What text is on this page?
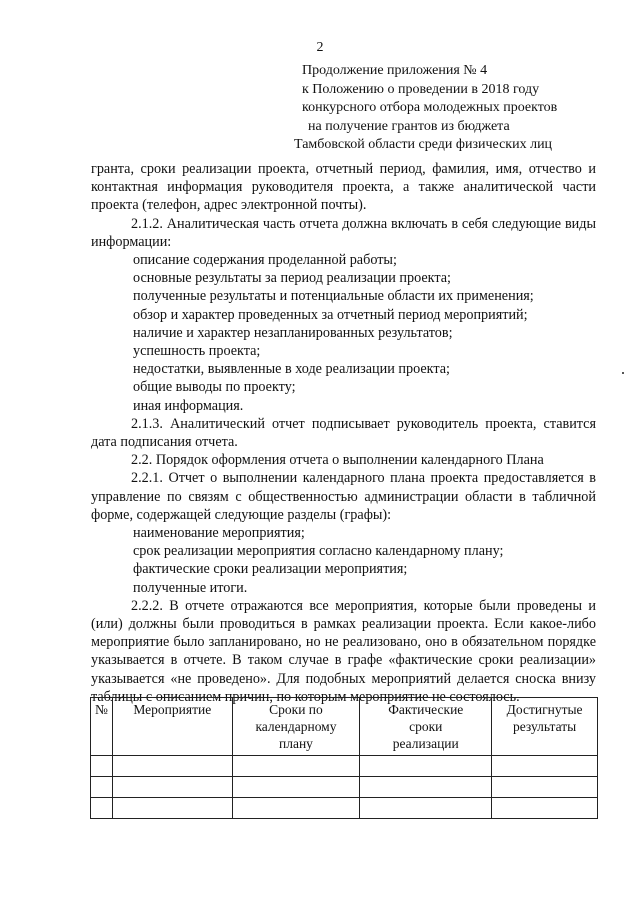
2
Продолжение приложения № 4
к Положению о проведении в 2018 году
конкурсного отбора молодежных проектов
на получение грантов из бюджета
Тамбовской области среди физических лиц

гранта, сроки реализации проекта, отчетный период, фамилия, имя, отчество и контактная информация руководителя проекта, а также аналитической части проекта (телефон, адрес электронной почты).

2.1.2. Аналитическая часть отчета должна включать в себя следующие виды информации:

описание содержания проделанной работы;

основные результаты за период реализации проекта;

полученные результаты и потенциальные области их применения;

обзор и характер проведенных за отчетный период мероприятий;

наличие и характер незапланированных результатов;

успешность проекта;

недостатки, выявленные в ходе реализации проекта;

общие выводы по проекту;

иная информация.

2.1.3. Аналитический отчет подписывает руководитель проекта, ставится дата подписания отчета.

2.2. Порядок оформления отчета о выполнении календарного Плана

2.2.1. Отчет о выполнении календарного плана проекта предоставляется в управление по связям с общественностью администрации области в табличной форме, содержащей следующие разделы (графы):

наименование мероприятия;

срок реализации мероприятия согласно календарному плану;

фактические сроки реализации мероприятия;

полученные итоги.

2.2.2. В отчете отражаются все мероприятия, которые были проведены и (или) должны были проводиться в рамках реализации проекта. Если какое-либо мероприятие было запланировано, но не реализовано, оно в обязательном порядке указывается в отчете. В таком случае в графе «фактические сроки реализации» указывается «не проведено». Для подобных мероприятий делается сноска внизу таблицы с описанием причин, по которым мероприятие не состоялось.

№	Мероприятие	Сроки по календарному плану	Фактические сроки реализации	Достигнутые результаты
